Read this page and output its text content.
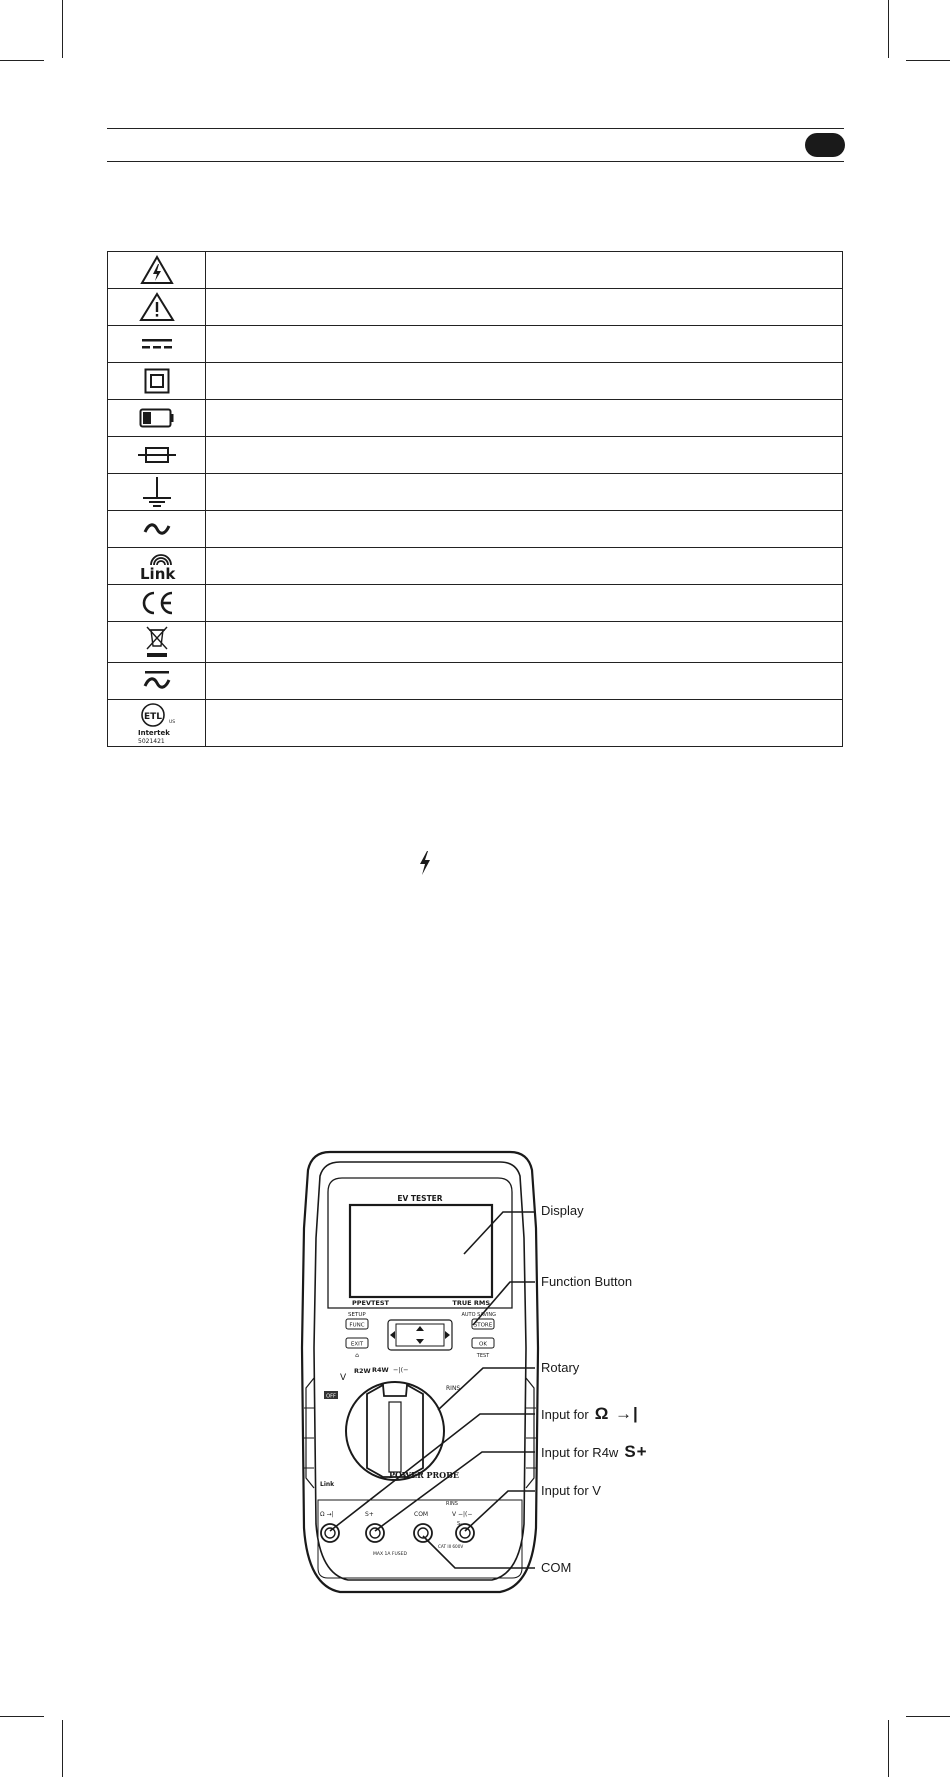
Link	

ETL
US
Intertek
5021421	

EV TESTER
PPEVTEST	TRUE RMS
SETUP
FUNC
AUTO SAVING
STORE
EXIT
⌂
OK
TEST
V
OFF
R2W R4W −|(−
RINS
Link
POWER PROBE
Ω →|	S+	COM	V −|(−
RINS
S-
MAX 1A FUSED
CAT III 600V
Display
Function Button
Rotary
Input for Ω →|
Input for R4w S+
Input for V
COM
